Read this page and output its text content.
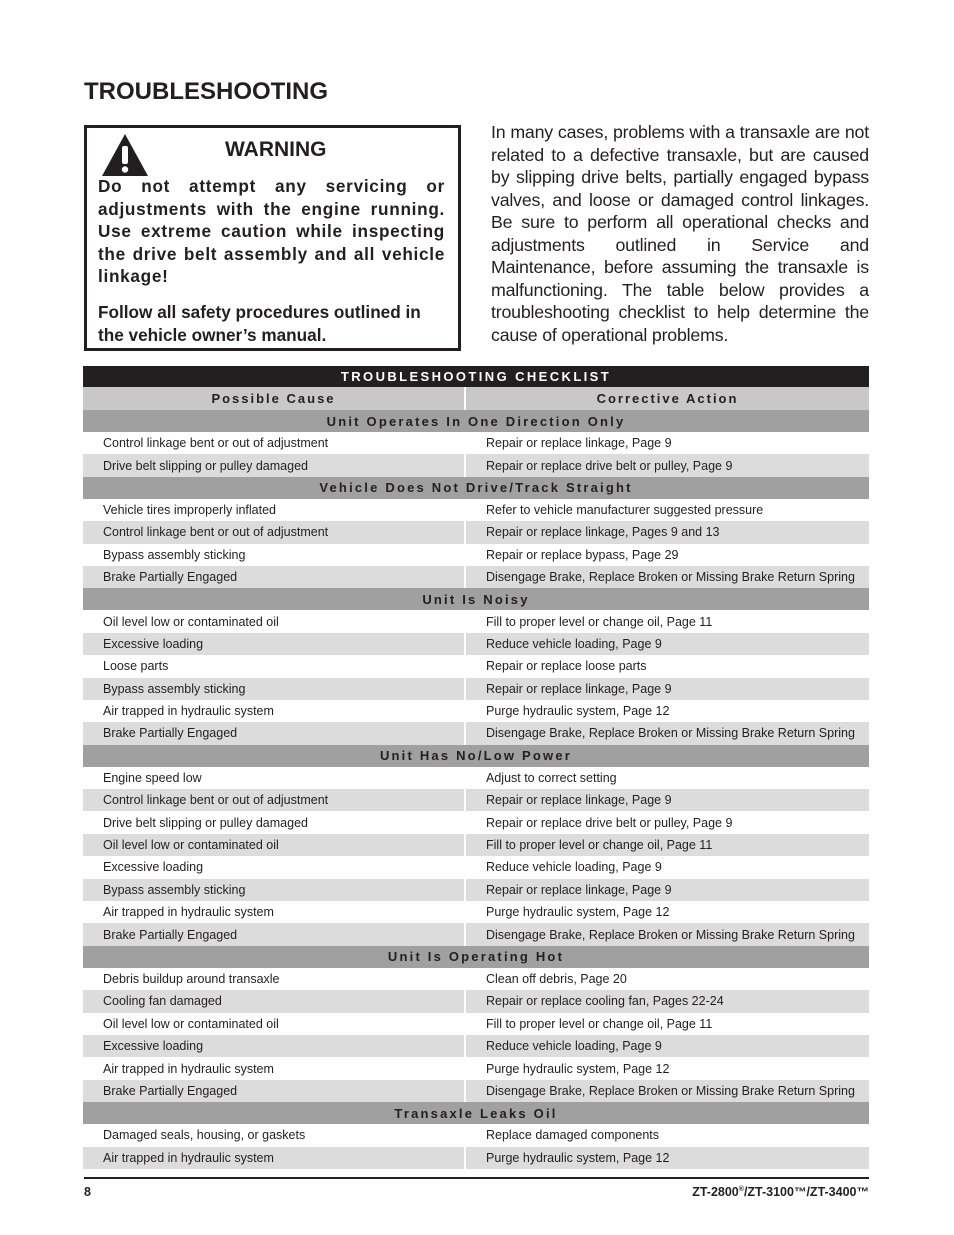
TROUBLESHOOTING
WARNING

Do not attempt any servicing or adjustments with the engine running. Use extreme caution while inspecting the drive belt assembly and all vehicle linkage!

Follow all safety procedures outlined in the vehicle owner’s manual.

In many cases, problems with a transaxle are not related to a defective transaxle, but are caused by slipping drive belts, partially engaged bypass valves, and loose or damaged control linkages. Be sure to perform all operational checks and adjustments outlined in Service and Maintenance, before assuming the transaxle is malfunctioning. The table below provides a troubleshooting checklist to help determine the cause of operational problems.

TROUBLESHOOTING CHECKLIST	
Possible Cause	Corrective Action
Unit Operates In One Direction Only	
Control linkage bent or out of adjustment	Repair or replace linkage, Page 9
Drive belt slipping or pulley damaged	Repair or replace drive belt or pulley, Page 9
Vehicle Does Not Drive/Track Straight	
Vehicle tires improperly inflated	Refer to vehicle manufacturer suggested pressure
Control linkage bent or out of adjustment	Repair or replace linkage, Pages 9 and 13
Bypass assembly sticking	Repair or replace bypass, Page 29
Brake Partially Engaged	Disengage Brake, Replace Broken or Missing Brake Return Spring
Unit Is Noisy	
Oil level low or contaminated oil	Fill to proper level or change oil, Page 11
Excessive loading	Reduce vehicle loading, Page 9
Loose parts	Repair or replace loose parts
Bypass assembly sticking	Repair or replace linkage, Page 9
Air trapped in hydraulic system	Purge hydraulic system, Page 12
Brake Partially Engaged	Disengage Brake, Replace Broken or Missing Brake Return Spring
Unit Has No/Low Power	
Engine speed low	Adjust to correct setting
Control linkage bent or out of adjustment	Repair or replace linkage, Page 9
Drive belt slipping or pulley damaged	Repair or replace drive belt or pulley, Page 9
Oil level low or contaminated oil	Fill to proper level or change oil, Page 11
Excessive loading	Reduce vehicle loading, Page 9
Bypass assembly sticking	Repair or replace linkage, Page 9
Air trapped in hydraulic system	Purge hydraulic system, Page 12
Brake Partially Engaged	Disengage Brake, Replace Broken or Missing Brake Return Spring
Unit Is Operating Hot	
Debris buildup around transaxle	Clean off debris, Page 20
Cooling fan damaged	Repair or replace cooling fan, Pages 22-24
Oil level low or contaminated oil	Fill to proper level or change oil, Page 11
Excessive loading	Reduce vehicle loading, Page 9
Air trapped in hydraulic system	Purge hydraulic system, Page 12
Brake Partially Engaged	Disengage Brake, Replace Broken or Missing Brake Return Spring
Transaxle Leaks Oil	
Damaged seals, housing, or gaskets	Replace damaged components
Air trapped in hydraulic system	Purge hydraulic system, Page 12
8	ZT-2800®/ZT-3100™/ZT-3400™
